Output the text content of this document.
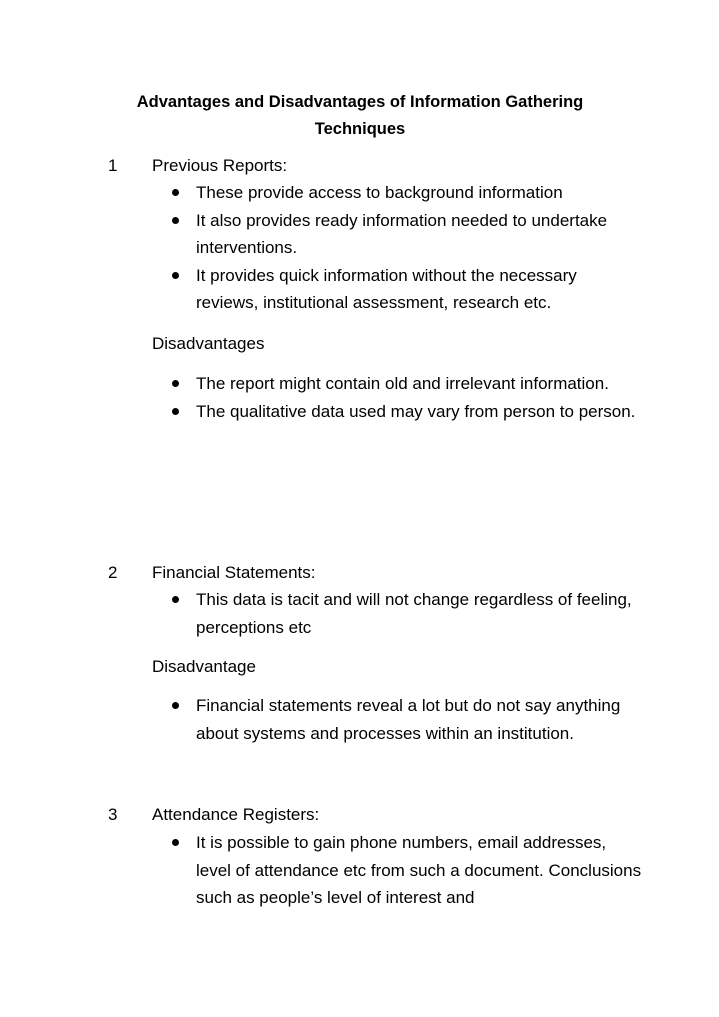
Advantages and Disadvantages of Information Gathering Techniques
1 Previous Reports:
These provide access to background information
It also provides ready information needed to undertake interventions.
It provides quick information without the necessary reviews, institutional assessment, research etc.
Disadvantages
The report might contain old and irrelevant information.
The qualitative data used may vary from person to person.
2 Financial Statements:
This data is tacit and will not change regardless of feeling, perceptions etc
Disadvantage
Financial statements reveal a lot but do not say anything about systems and processes within an institution.
3 Attendance Registers:
It is possible to gain phone numbers, email addresses, level of attendance etc from such a document. Conclusions such as people’s level of interest and
